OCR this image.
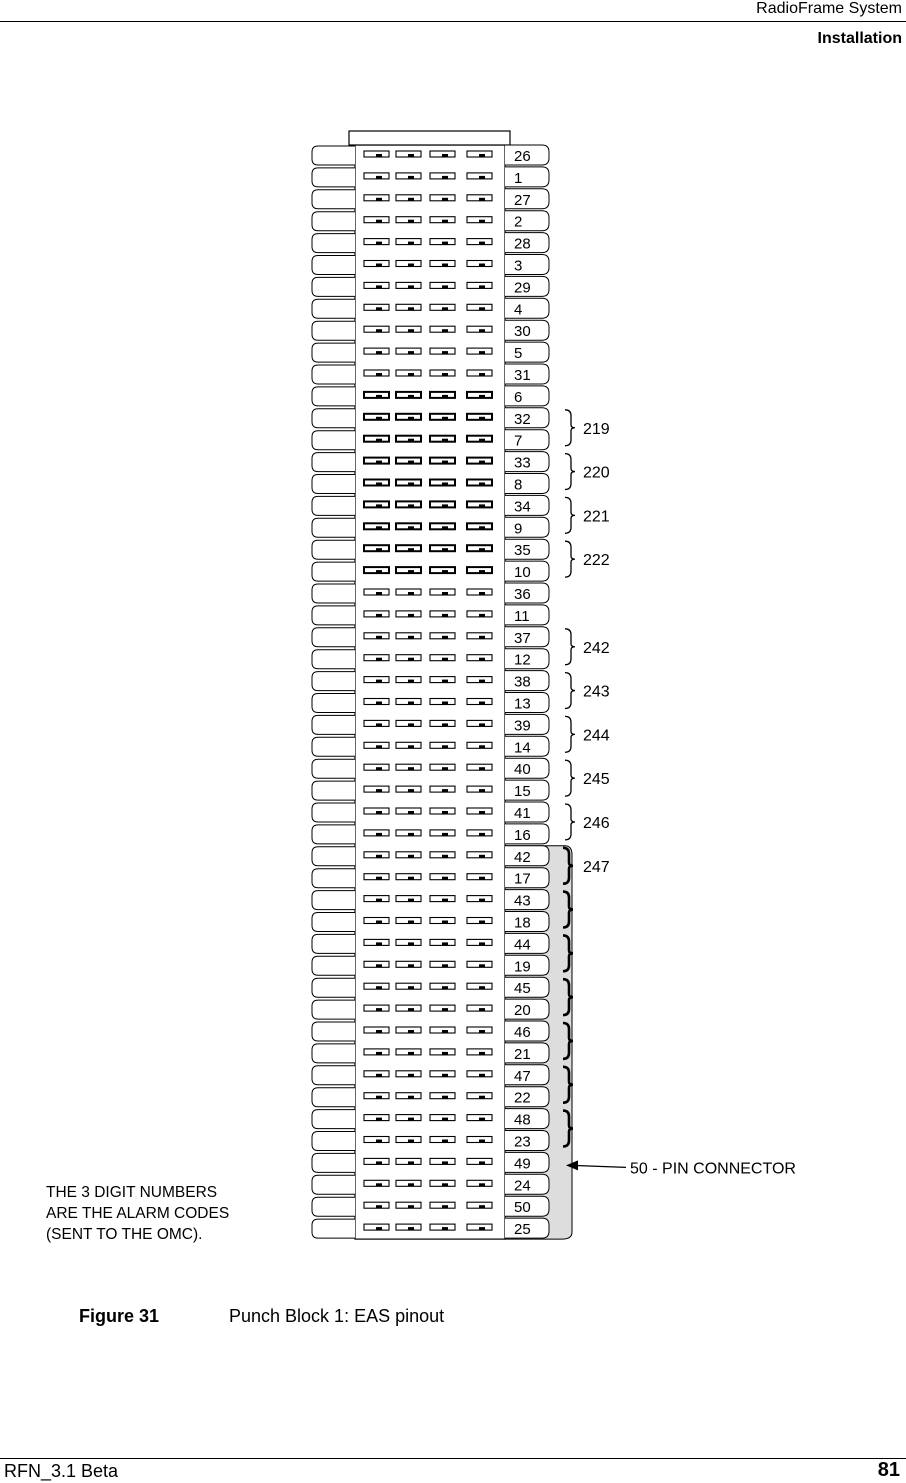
RadioFrame System
Installation
26
1
27
2
28
3
29
4
30
5
31
6
32
7
33
8
34
9
35
10
36
11
37
12
38
13
39
14
40
15
41
16
42
17
43
18
44
19
45
20
46
21
47
22
48
23
49
24
50
25
219
220
221
222
242
243
244
245
246
247
50 - PIN CONNECTOR
THE 3 DIGIT NUMBERS
ARE THE ALARM CODES
(SENT TO THE OMC).
Figure 31	Punch Block 1: EAS pinout
RFN_3.1 Beta	81
